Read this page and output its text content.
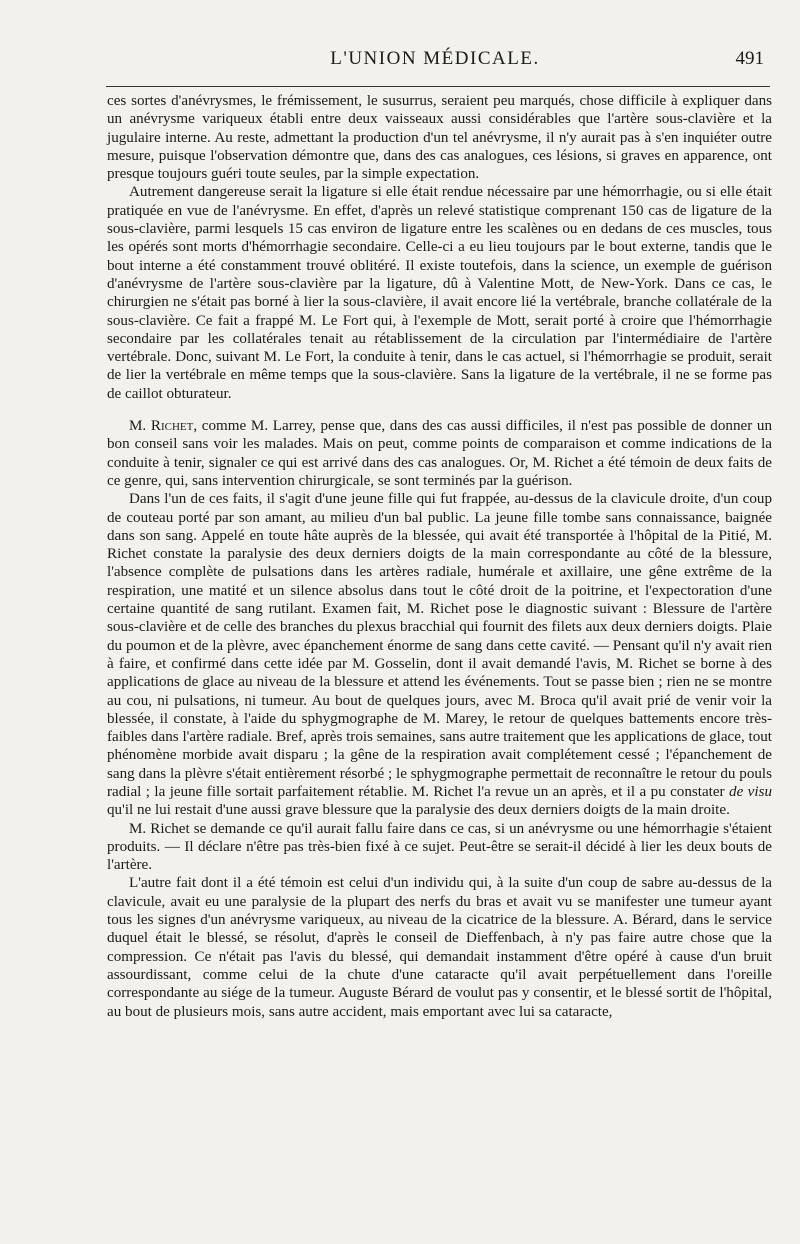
L'UNION MÉDICALE.	491

ces sortes d'anévrysmes, le frémissement, le susurrus, seraient peu marqués, chose difficile à expliquer dans un anévrysme variqueux établi entre deux vaisseaux aussi considérables que l'artère sous-clavière et la jugulaire interne. Au reste, admettant la production d'un tel anévrysme, il n'y aurait pas à s'en inquiéter outre mesure, puisque l'observation démontre que, dans des cas analogues, ces lésions, si graves en apparence, ont presque toujours guéri toute seules, par la simple expectation.

Autrement dangereuse serait la ligature si elle était rendue nécessaire par une hémorrhagie, ou si elle était pratiquée en vue de l'anévrysme. En effet, d'après un relevé statistique comprenant 150 cas de ligature de la sous-clavière, parmi lesquels 15 cas environ de ligature entre les scalènes ou en dedans de ces muscles, tous les opérés sont morts d'hémorrhagie secondaire. Celle-ci a eu lieu toujours par le bout externe, tandis que le bout interne a été constamment trouvé oblitéré. Il existe toutefois, dans la science, un exemple de guérison d'anévrysme de l'artère sous-clavière par la ligature, dû à Valentine Mott, de New-York. Dans ce cas, le chirurgien ne s'était pas borné à lier la sous-clavière, il avait encore lié la vertébrale, branche collatérale de la sous-clavière. Ce fait a frappé M. Le Fort qui, à l'exemple de Mott, serait porté à croire que l'hémorrhagie secondaire par les collatérales tenait au rétablissement de la circulation par l'intermédiaire de l'artère vertébrale. Donc, suivant M. Le Fort, la conduite à tenir, dans le cas actuel, si l'hémorrhagie se produit, serait de lier la vertébrale en même temps que la sous-clavière. Sans la ligature de la vertébrale, il ne se forme pas de caillot obturateur.

M. Richet, comme M. Larrey, pense que, dans des cas aussi difficiles, il n'est pas possible de donner un bon conseil sans voir les malades. Mais on peut, comme points de comparaison et comme indications de la conduite à tenir, signaler ce qui est arrivé dans des cas analogues. Or, M. Richet a été témoin de deux faits de ce genre, qui, sans intervention chirurgicale, se sont terminés par la guérison.

Dans l'un de ces faits, il s'agit d'une jeune fille qui fut frappée, au-dessus de la clavicule droite, d'un coup de couteau porté par son amant, au milieu d'un bal public. La jeune fille tombe sans connaissance, baignée dans son sang. Appelé en toute hâte auprès de la blessée, qui avait été transportée à l'hôpital de la Pitié, M. Richet constate la paralysie des deux derniers doigts de la main correspondante au côté de la blessure, l'absence complète de pulsations dans les artères radiale, humérale et axillaire, une gêne extrême de la respiration, une matité et un silence absolus dans tout le côté droit de la poitrine, et l'expectoration d'une certaine quantité de sang rutilant. Examen fait, M. Richet pose le diagnostic suivant : Blessure de l'artère sous-clavière et de celle des branches du plexus bracchial qui fournit des filets aux deux derniers doigts. Plaie du poumon et de la plèvre, avec épanchement énorme de sang dans cette cavité. — Pensant qu'il n'y avait rien à faire, et confirmé dans cette idée par M. Gosselin, dont il avait demandé l'avis, M. Richet se borne à des applications de glace au niveau de la blessure et attend les événements. Tout se passe bien ; rien ne se montre au cou, ni pulsations, ni tumeur. Au bout de quelques jours, avec M. Broca qu'il avait prié de venir voir la blessée, il constate, à l'aide du sphygmographe de M. Marey, le retour de quelques battements encore très-faibles dans l'artère radiale. Bref, après trois semaines, sans autre traitement que les applications de glace, tout phénomène morbide avait disparu ; la gêne de la respiration avait complétement cessé ; l'épanchement de sang dans la plèvre s'était entièrement résorbé ; le sphygmographe permettait de reconnaître le retour du pouls radial ; la jeune fille sortait parfaitement rétablie. M. Richet l'a revue un an après, et il a pu constater de visu qu'il ne lui restait d'une aussi grave blessure que la paralysie des deux derniers doigts de la main droite.

M. Richet se demande ce qu'il aurait fallu faire dans ce cas, si un anévrysme ou une hémorrhagie s'étaient produits. — Il déclare n'être pas très-bien fixé à ce sujet. Peut-être se serait-il décidé à lier les deux bouts de l'artère.

L'autre fait dont il a été témoin est celui d'un individu qui, à la suite d'un coup de sabre au-dessus de la clavicule, avait eu une paralysie de la plupart des nerfs du bras et avait vu se manifester une tumeur ayant tous les signes d'un anévrysme variqueux, au niveau de la cicatrice de la blessure. A. Bérard, dans le service duquel était le blessé, se résolut, d'après le conseil de Dieffenbach, à n'y pas faire autre chose que la compression. Ce n'était pas l'avis du blessé, qui demandait instamment d'être opéré à cause d'un bruit assourdissant, comme celui de la chute d'une cataracte qu'il avait perpétuellement dans l'oreille correspondante au siége de la tumeur. Auguste Bérard de voulut pas y consentir, et le blessé sortit de l'hôpital, au bout de plusieurs mois, sans autre accident, mais emportant avec lui sa cataracte,
